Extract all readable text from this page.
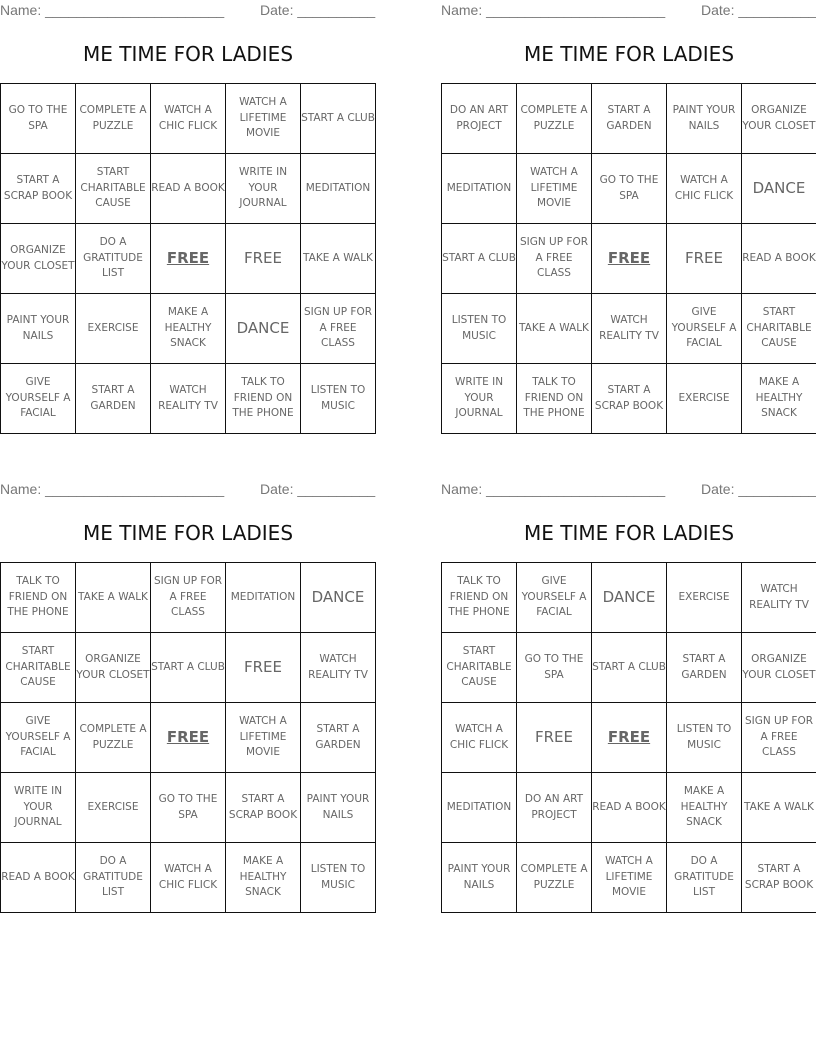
Name: _______________________	Date: __________
ME TIME FOR LADIES
GO TO THE SPA	COMPLETE A PUZZLE	WATCH A CHIC FLICK	WATCH A LIFETIME MOVIE	START A CLUB
START A SCRAP BOOK	START CHARITABLE CAUSE	READ A BOOK	WRITE IN YOUR JOURNAL	MEDITATION
ORGANIZE YOUR CLOSET	DO A GRATITUDE LIST	FREE	FREE	TAKE A WALK
PAINT YOUR NAILS	EXERCISE	MAKE A HEALTHY SNACK	DANCE	SIGN UP FOR A FREE CLASS
GIVE YOURSELF A FACIAL	START A GARDEN	WATCH REALITY TV	TALK TO FRIEND ON THE PHONE	LISTEN TO MUSIC
Name: _______________________	Date: __________
ME TIME FOR LADIES
DO AN ART PROJECT	COMPLETE A PUZZLE	START A GARDEN	PAINT YOUR NAILS	ORGANIZE YOUR CLOSET
MEDITATION	WATCH A LIFETIME MOVIE	GO TO THE SPA	WATCH A CHIC FLICK	DANCE
START A CLUB	SIGN UP FOR A FREE CLASS	FREE	FREE	READ A BOOK
LISTEN TO MUSIC	TAKE A WALK	WATCH REALITY TV	GIVE YOURSELF A FACIAL	START CHARITABLE CAUSE
WRITE IN YOUR JOURNAL	TALK TO FRIEND ON THE PHONE	START A SCRAP BOOK	EXERCISE	MAKE A HEALTHY SNACK
Name: _______________________	Date: __________
ME TIME FOR LADIES
TALK TO FRIEND ON THE PHONE	TAKE A WALK	SIGN UP FOR A FREE CLASS	MEDITATION	DANCE
START CHARITABLE CAUSE	ORGANIZE YOUR CLOSET	START A CLUB	FREE	WATCH REALITY TV
GIVE YOURSELF A FACIAL	COMPLETE A PUZZLE	FREE	WATCH A LIFETIME MOVIE	START A GARDEN
WRITE IN YOUR JOURNAL	EXERCISE	GO TO THE SPA	START A SCRAP BOOK	PAINT YOUR NAILS
READ A BOOK	DO A GRATITUDE LIST	WATCH A CHIC FLICK	MAKE A HEALTHY SNACK	LISTEN TO MUSIC
Name: _______________________	Date: __________
ME TIME FOR LADIES
TALK TO FRIEND ON THE PHONE	GIVE YOURSELF A FACIAL	DANCE	EXERCISE	WATCH REALITY TV
START CHARITABLE CAUSE	GO TO THE SPA	START A CLUB	START A GARDEN	ORGANIZE YOUR CLOSET
WATCH A CHIC FLICK	FREE	FREE	LISTEN TO MUSIC	SIGN UP FOR A FREE CLASS
MEDITATION	DO AN ART PROJECT	READ A BOOK	MAKE A HEALTHY SNACK	TAKE A WALK
PAINT YOUR NAILS	COMPLETE A PUZZLE	WATCH A LIFETIME MOVIE	DO A GRATITUDE LIST	START A SCRAP BOOK
